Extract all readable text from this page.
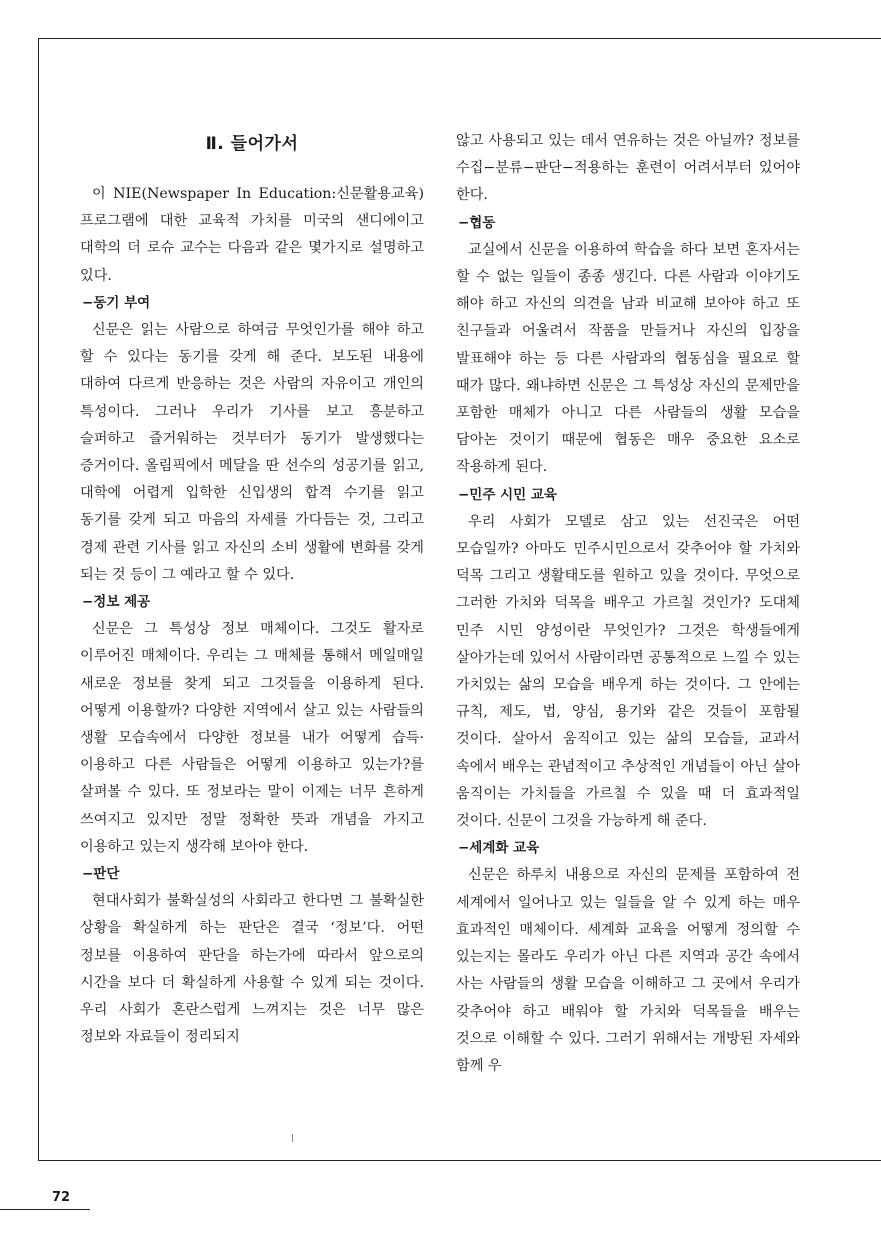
Ⅱ. 들어가서

이 NIE(Newspaper In Education:신문활용교육) 프로그램에 대한 교육적 가치를 미국의 샌디에이고 대학의 더 로슈 교수는 다음과 같은 몇가지로 설명하고 있다.

−동기 부여

신문은 읽는 사람으로 하여금 무엇인가를 해야 하고 할 수 있다는 동기를 갖게 해 준다. 보도된 내용에 대하여 다르게 반응하는 것은 사람의 자유이고 개인의 특성이다. 그러나 우리가 기사를 보고 흥분하고 슬퍼하고 즐거워하는 것부터가 동기가 발생했다는 증거이다. 올림픽에서 메달을 딴 선수의 성공기를 읽고, 대학에 어렵게 입학한 신입생의 합격 수기를 읽고 동기를 갖게 되고 마음의 자세를 가다듬는 것, 그리고 경제 관련 기사를 읽고 자신의 소비 생활에 변화를 갖게 되는 것 등이 그 예라고 할 수 있다.

−정보 제공

신문은 그 특성상 정보 매체이다. 그것도 활자로 이루어진 매체이다. 우리는 그 매체를 통해서 메일매일 새로운 정보를 찾게 되고 그것들을 이용하게 된다. 어떻게 이용할까? 다양한 지역에서 살고 있는 사람들의 생활 모습속에서 다양한 정보를 내가 어떻게 습득·이용하고 다른 사람들은 어떻게 이용하고 있는가?를 살펴볼 수 있다. 또 정보라는 말이 이제는 너무 흔하게 쓰여지고 있지만 정말 정확한 뜻과 개념을 가지고 이용하고 있는지 생각해 보아야 한다.

−판단

현대사회가 불확실성의 사회라고 한다면 그 불확실한 상황을 확실하게 하는 판단은 결국 ‘정보’다. 어떤 정보를 이용하여 판단을 하는가에 따라서 앞으로의 시간을 보다 더 확실하게 사용할 수 있게 되는 것이다. 우리 사회가 혼란스럽게 느껴지는 것은 너무 많은 정보와 자료들이 정리되지

않고 사용되고 있는 데서 연유하는 것은 아닐까? 정보를 수집−분류−판단−적용하는 훈련이 어려서부터 있어야 한다.

−협동

교실에서 신문을 이용하여 학습을 하다 보면 혼자서는 할 수 없는 일들이 종종 생긴다. 다른 사람과 이야기도 해야 하고 자신의 의견을 남과 비교해 보아야 하고 또 친구들과 어울려서 작품을 만들거나 자신의 입장을 발표해야 하는 등 다른 사람과의 협동심을 필요로 할 때가 많다. 왜냐하면 신문은 그 특성상 자신의 문제만을 포함한 매체가 아니고 다른 사람들의 생활 모습을 담아논 것이기 때문에 협동은 매우 중요한 요소로 작용하게 된다.

−민주 시민 교육

우리 사회가 모델로 삼고 있는 선진국은 어떤 모습일까? 아마도 민주시민으로서 갖추어야 할 가치와 덕목 그리고 생활태도를 원하고 있을 것이다. 무엇으로 그러한 가치와 덕목을 배우고 가르칠 것인가? 도대체 민주 시민 양성이란 무엇인가? 그것은 학생들에게 살아가는데 있어서 사람이라면 공통적으로 느낄 수 있는 가치있는 삶의 모습을 배우게 하는 것이다. 그 안에는 규칙, 제도, 법, 양심, 용기와 같은 것들이 포함될 것이다. 살아서 움직이고 있는 삶의 모습들, 교과서 속에서 배우는 관념적이고 추상적인 개념들이 아닌 살아 움직이는 가치들을 가르칠 수 있을 때 더 효과적일 것이다. 신문이 그것을 가능하게 해 준다.

−세계화 교육

신문은 하루치 내용으로 자신의 문제를 포함하여 전 세계에서 일어나고 있는 일들을 알 수 있게 하는 매우 효과적인 매체이다. 세계화 교육을 어떻게 정의할 수 있는지는 몰라도 우리가 아닌 다른 지역과 공간 속에서 사는 사람들의 생활 모습을 이해하고 그 곳에서 우리가 갖추어야 하고 배워야 할 가치와 덕목들을 배우는 것으로 이해할 수 있다. 그러기 위해서는 개방된 자세와 함께 우

72
